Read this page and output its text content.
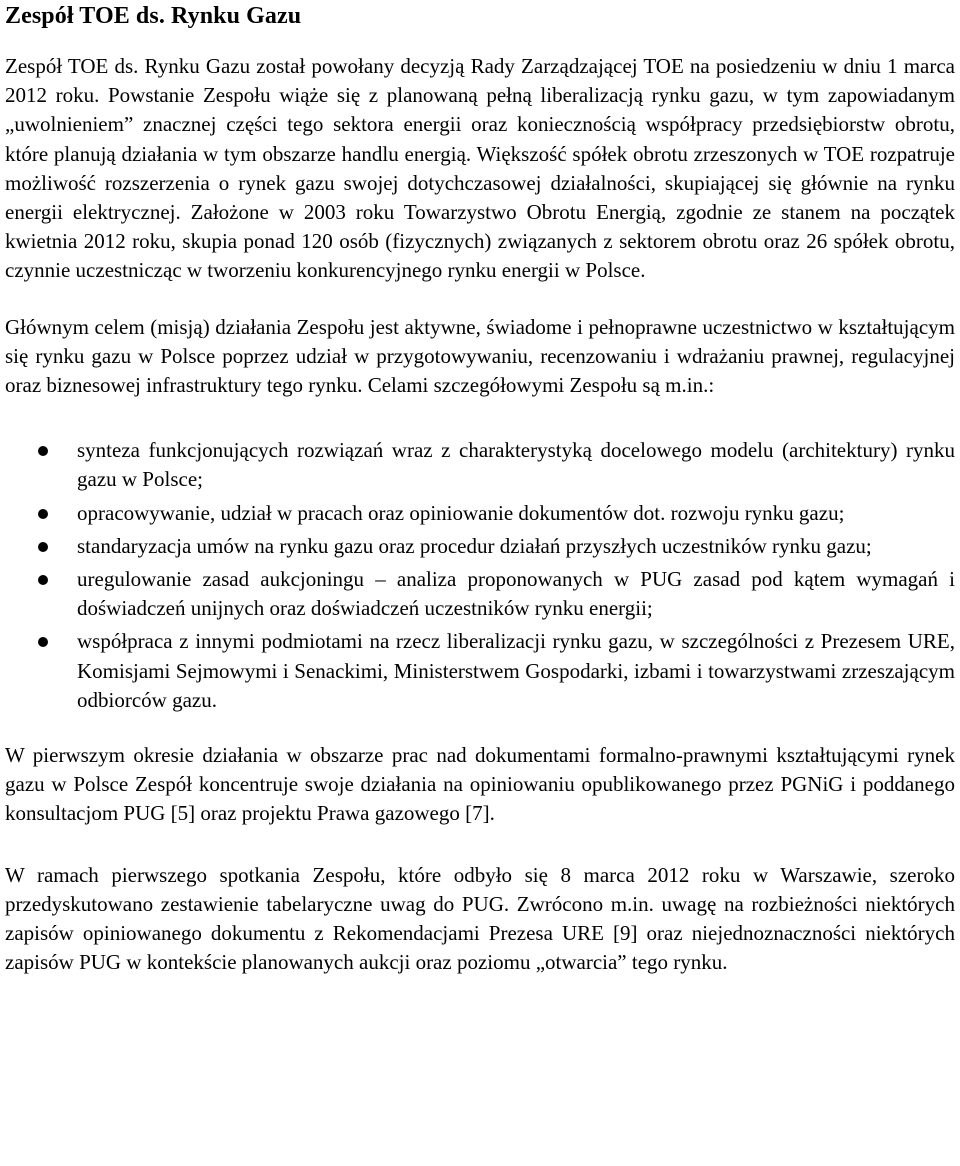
Zespół TOE ds. Rynku Gazu

Zespół TOE ds. Rynku Gazu został powołany decyzją Rady Zarządzającej TOE na posiedzeniu w dniu 1 marca 2012 roku. Powstanie Zespołu wiąże się z planowaną pełną liberalizacją rynku gazu, w tym zapowiadanym „uwolnieniem” znacznej części tego sektora energii oraz koniecznością współpracy przedsiębiorstw obrotu, które planują działania w tym obszarze handlu energią. Większość spółek obrotu zrzeszonych w TOE rozpatruje możliwość rozszerzenia o rynek gazu swojej dotychczasowej działalności, skupiającej się głównie na rynku energii elektrycznej. Założone w 2003 roku Towarzystwo Obrotu Energią, zgodnie ze stanem na początek kwietnia 2012 roku, skupia ponad 120 osób (fizycznych) związanych z sektorem obrotu oraz 26 spółek obrotu, czynnie uczestnicząc w tworzeniu konkurencyjnego rynku energii w Polsce.

Głównym celem (misją) działania Zespołu jest aktywne, świadome i pełnoprawne uczestnictwo w kształtującym się rynku gazu w Polsce poprzez udział w przygotowywaniu, recenzowaniu i wdrażaniu prawnej, regulacyjnej oraz biznesowej infrastruktury tego rynku. Celami szczegółowymi Zespołu są m.in.:

synteza funkcjonujących rozwiązań wraz z charakterystyką docelowego modelu (architektury) rynku gazu w Polsce;
opracowywanie, udział w pracach oraz opiniowanie dokumentów dot. rozwoju rynku gazu;
standaryzacja umów na rynku gazu oraz procedur działań przyszłych uczestników rynku gazu;
uregulowanie zasad aukcjoningu – analiza proponowanych w PUG zasad pod kątem wymagań i doświadczeń unijnych oraz doświadczeń uczestników rynku energii;
współpraca z innymi podmiotami na rzecz liberalizacji rynku gazu, w szczególności z Prezesem URE, Komisjami Sejmowymi i Senackimi, Ministerstwem Gospodarki, izbami i towarzystwami zrzeszającym odbiorców gazu.

W pierwszym okresie działania w obszarze prac nad dokumentami formalno-prawnymi kształtującymi rynek gazu w Polsce Zespół koncentruje swoje działania na opiniowaniu opublikowanego przez PGNiG i poddanego konsultacjom PUG [5] oraz projektu Prawa gazowego [7].

W ramach pierwszego spotkania Zespołu, które odbyło się 8 marca 2012 roku w Warszawie, szeroko przedyskutowano zestawienie tabelaryczne uwag do PUG. Zwrócono m.in. uwagę na rozbieżności niektórych zapisów opiniowanego dokumentu z Rekomendacjami Prezesa URE [9] oraz niejednoznaczności niektórych zapisów PUG w kontekście planowanych aukcji oraz poziomu „otwarcia” tego rynku.
